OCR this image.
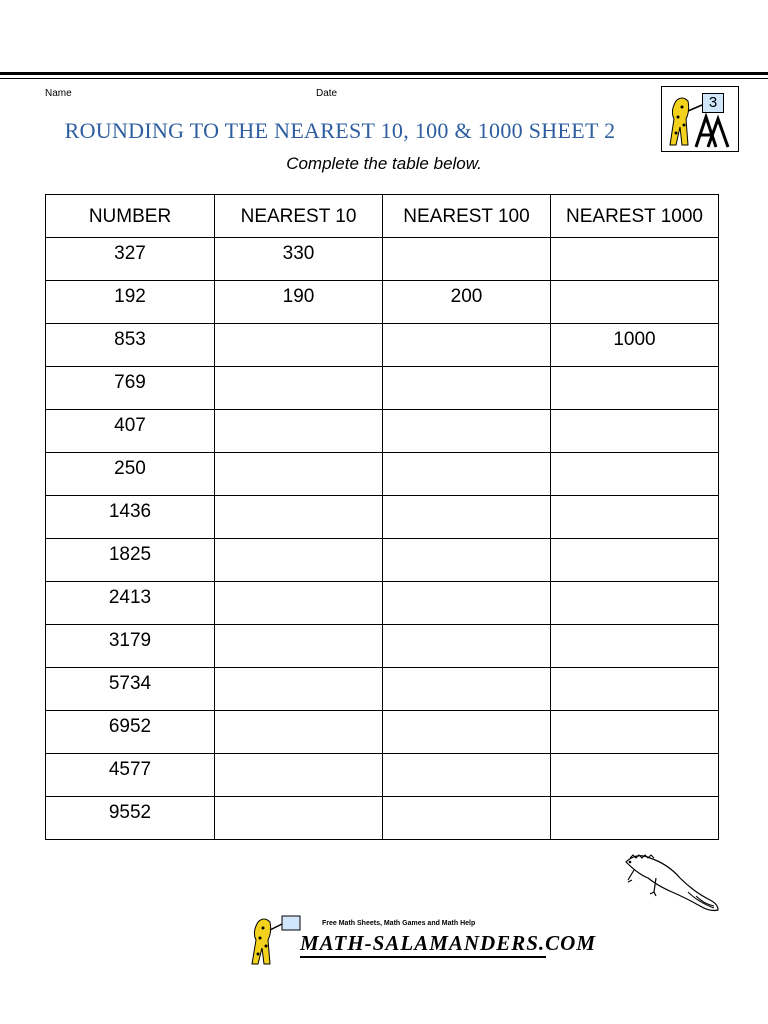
Name	Date
ROUNDING TO THE NEAREST 10, 100 & 1000 SHEET 2
Complete the table below.
3
NUMBER	NEAREST 10	NEAREST 100	NEAREST 1000
327	330		
192	190	200	
853			1000
769			
407			
250			
1436			
1825			
2413			
3179			
5734			
6952			
4577			
9552			
Free Math Sheets, Math Games and Math Help
MATH-SALAMANDERS.COM
